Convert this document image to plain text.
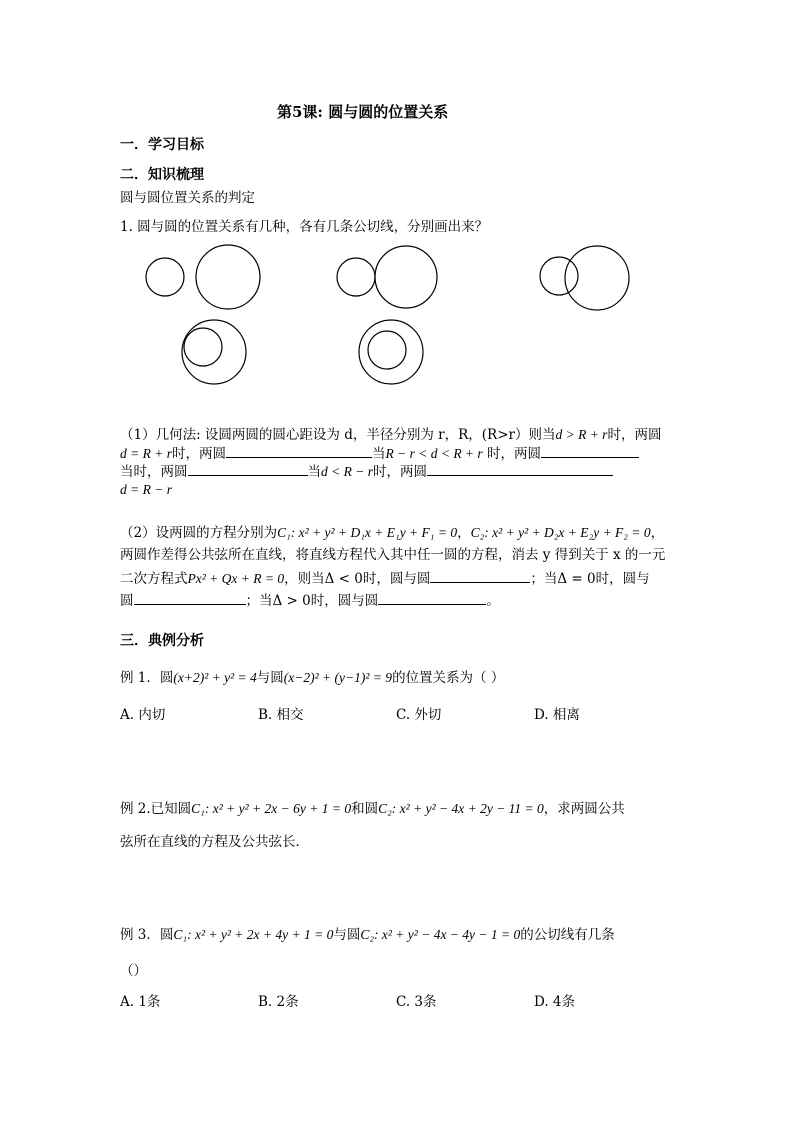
第5课: 圆与圆的位置关系
一．学习目标
二．知识梳理
圆与圆位置关系的判定
1. 圆与圆的位置关系有几种，各有几条公切线，分别画出来？
（1）几何法: 设圆两圆的圆心距设为 d，半径分别为 r，R，(R>r）则当d > R + r时，两圆
d = R + r时，两圆	当R − r < d < R + r 时，两圆
当时，两圆	当d < R − r时，两圆
d = R − r
（2）设两圆的方程分别为C₁: x² + y² + D₁x + E₁y + F₁ = 0，C₂: x² + y² + D₂x + E₂y + F₂ = 0，
两圆作差得公共弦所在直线，将直线方程代入其中任一圆的方程，消去 y 得到关于 x 的一元
二次方程式Px² + Qx + R = 0，则当Δ < 0时，圆与圆	；当Δ = 0时，圆与
圆	；当Δ > 0时，圆与圆	。
三．典例分析
例 1．圆(x+2)² + y² = 4与圆(x−2)² + (y−1)² = 9的位置关系为（ ）
A. 内切	B. 相交	C. 外切	D. 相离
例 2.已知圆C₁: x² + y² + 2x − 6y + 1 = 0和圆C₂: x² + y² − 4x + 2y − 11 = 0，求两圆公共
弦所在直线的方程及公共弦长．
例 3．圆C₁: x² + y² + 2x + 4y + 1 = 0与圆C₂: x² + y² − 4x − 4y − 1 = 0的公切线有几条
（）
A. 1条	B. 2条	C. 3条	D. 4条
